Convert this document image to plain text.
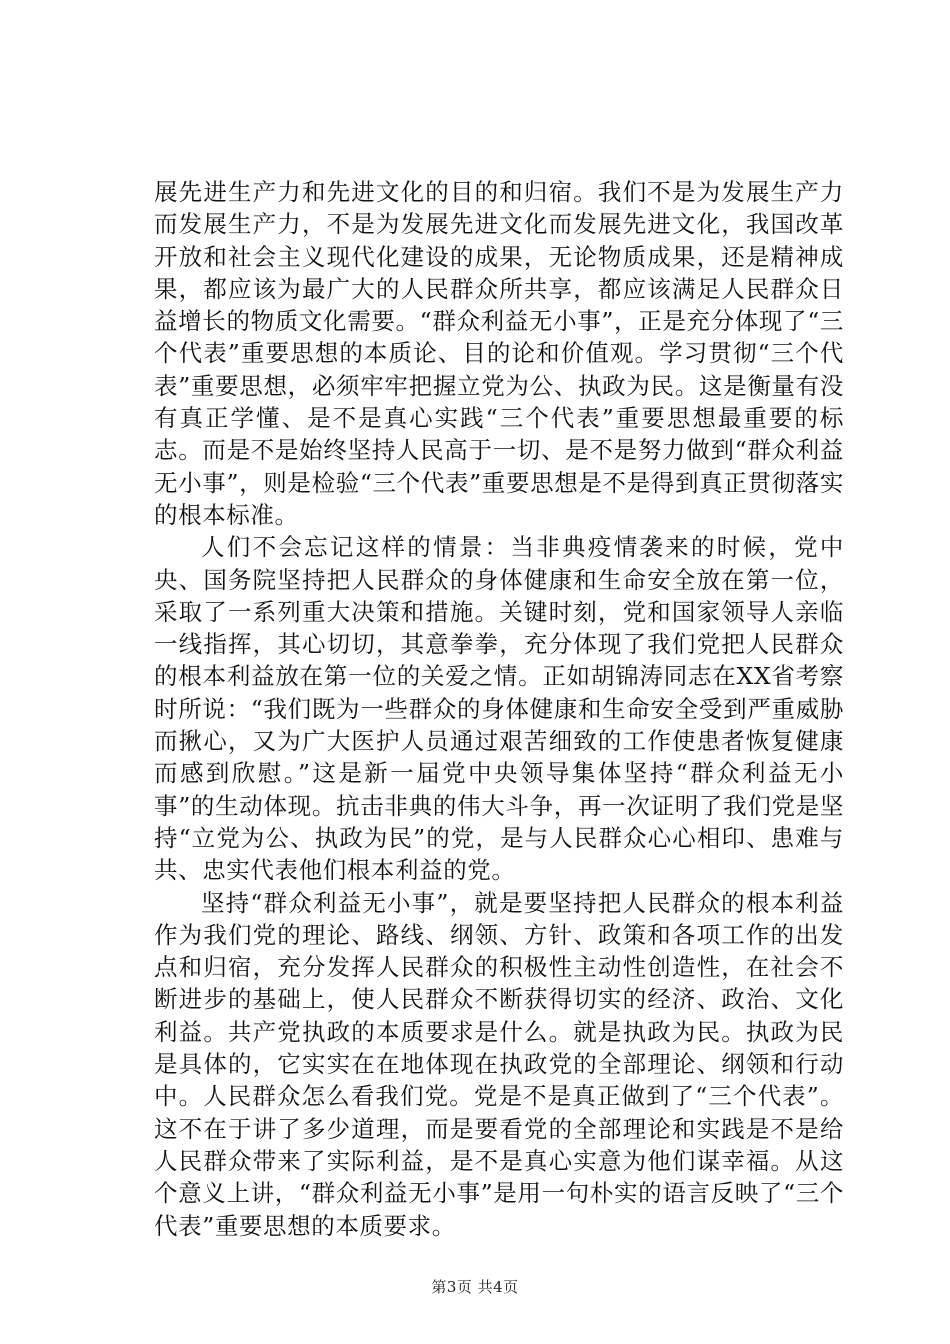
展先进生产力和先进文化的目的和归宿。我们不是为发展生产力而发展生产力，不是为发展先进文化而发展先进文化，我国改革开放和社会主义现代化建设的成果，无论物质成果，还是精神成果，都应该为最广大的人民群众所共享，都应该满足人民群众日益增长的物质文化需要。“群众利益无小事”，正是充分体现了“三个代表”重要思想的本质论、目的论和价值观。学习贯彻“三个代表”重要思想，必须牢牢把握立党为公、执政为民。这是衡量有没有真正学懂、是不是真心实践“三个代表”重要思想最重要的标志。而是不是始终坚持人民高于一切、是不是努力做到“群众利益无小事”，则是检验“三个代表”重要思想是不是得到真正贯彻落实的根本标准。

人们不会忘记这样的情景：当非典疫情袭来的时候，党中央、国务院坚持把人民群众的身体健康和生命安全放在第一位，采取了一系列重大决策和措施。关键时刻，党和国家领导人亲临一线指挥，其心切切，其意拳拳，充分体现了我们党把人民群众的根本利益放在第一位的关爱之情。正如胡锦涛同志在XX省考察时所说：“我们既为一些群众的身体健康和生命安全受到严重威胁而揪心，又为广大医护人员通过艰苦细致的工作使患者恢复健康而感到欣慰。”这是新一届党中央领导集体坚持“群众利益无小事”的生动体现。抗击非典的伟大斗争，再一次证明了我们党是坚持“立党为公、执政为民”的党，是与人民群众心心相印、患难与共、忠实代表他们根本利益的党。

坚持“群众利益无小事”，就是要坚持把人民群众的根本利益作为我们党的理论、路线、纲领、方针、政策和各项工作的出发点和归宿，充分发挥人民群众的积极性主动性创造性，在社会不断进步的基础上，使人民群众不断获得切实的经济、政治、文化利益。共产党执政的本质要求是什么。就是执政为民。执政为民是具体的，它实实在在地体现在执政党的全部理论、纲领和行动中。人民群众怎么看我们党。党是不是真正做到了“三个代表”。这不在于讲了多少道理，而是要看党的全部理论和实践是不是给人民群众带来了实际利益，是不是真心实意为他们谋幸福。从这个意义上讲，“群众利益无小事”是用一句朴实的语言反映了“三个代表”重要思想的本质要求。

第3页 共4页
